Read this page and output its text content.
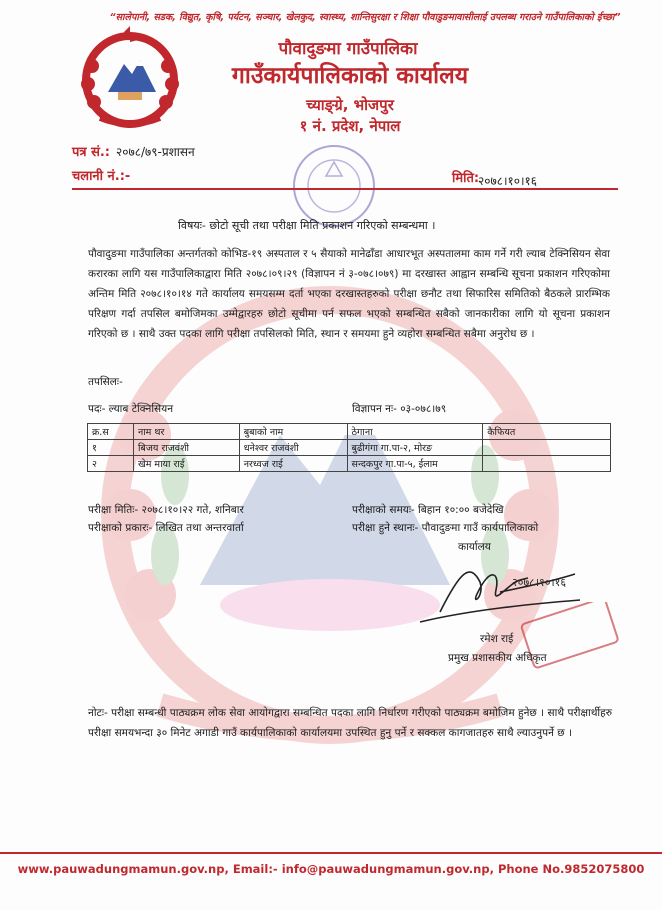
“सालेपानी, सडक, विद्युत, कृषि, पर्यटन, सञ्चार, खेलकुद, स्वास्थ्य, शान्तिसुरक्षा र शिक्षा पौवाडुङमावासीलाई उपलब्ध गराउने गाउँपालिकाको ईच्छा”
पौवादुङमा गाउँपालिका
गाउँकार्यपालिकाको कार्यालय
च्याङ्ग्रे, भोजपुर
१ नं. प्रदेश, नेपाल
पत्र सं.: २०७८/७९-प्रशासन
चलानी नं.:-	मिति:
२०७८।१०।१६
विषयः- छोटो सूची तथा परीक्षा मिति प्रकाशन गरिएको सम्बन्धमा ।
पौवादुङमा गाउँपालिका अन्तर्गतको कोभिड-१९ अस्पताल र ५ सैयाको मानेढाँडा आधारभूत अस्पतालमा काम गर्ने गरी ल्याब टेक्निसियन सेवा करारका लागि यस गाउँपालिकाद्वारा मिति २०७८।०९।२९ (विज्ञापन नं ३-०७८।०७९) मा दरखास्त आह्वान सम्बन्धि सूचना प्रकाशन गरिएकोमा अन्तिम मिति २०७८।१०।१४ गते कार्यालय समयसम्म दर्ता भएका दरखास्तहरुको परीक्षा छनौट तथा सिफारिस समितिको बैठकले प्रारम्भिक परिक्षण गर्दा तपसिल बमोजिमका उम्मेद्वारहरु छोटो सूचीमा पर्न सफल भएको सम्बन्धित सबैको जानकारीका लागि यो सूचना प्रकाशन गरिएको छ । साथै उक्त पदका लागि परीक्षा तपसिलको मिति, स्थान र समयमा हुने व्यहोरा सम्बन्धित सबैमा अनुरोध छ ।
तपसिलः-
पदः- ल्याब टेक्निसियन	विज्ञापन नः- ०३-०७८।७९
क्र.स	नाम थर	बुबाको नाम	ठेगाना	कैफियत
१	बिजय राजवंशी	धनेश्वर राजवंशी	बुढीगंगा गा.पा-२, मोरङ	
२	खेम माया राई	नरध्वज राई	सन्दकपुर गा.पा-५, ईलाम	
परीक्षा मितिः- २०७८।१०।२२ गते, शनिबार	परीक्षाको समयः- बिहान १०:०० बजेदेखि
परीक्षाको प्रकारः- लिखित तथा अन्तरवार्ता	परीक्षा हुने स्थानः- पौवादुङमा गाउँ कार्यपालिकाको
कार्यालय
२०७८।१०।१६
रमेश राई
प्रमुख प्रशासकीय अधिकृत
नोटः- परीक्षा सम्बन्धी पाठ्यक्रम लोक सेवा आयोगद्वारा सम्बन्धित पदका लागि निर्धारण गरीएको पाठ्यक्रम बमोजिम हुनेछ । साथै परीक्षार्थीहरु परीक्षा समयभन्दा ३० मिनेट अगाडी गाउँ कार्यपालिकाको कार्यालयमा उपस्थित हुनु पर्ने र सक्कल कागजातहरु साथै ल्याउनुपर्ने छ ।
www.pauwadungmamun.gov.np, Email:- info@pauwadungmamun.gov.np, Phone No.9852075800
